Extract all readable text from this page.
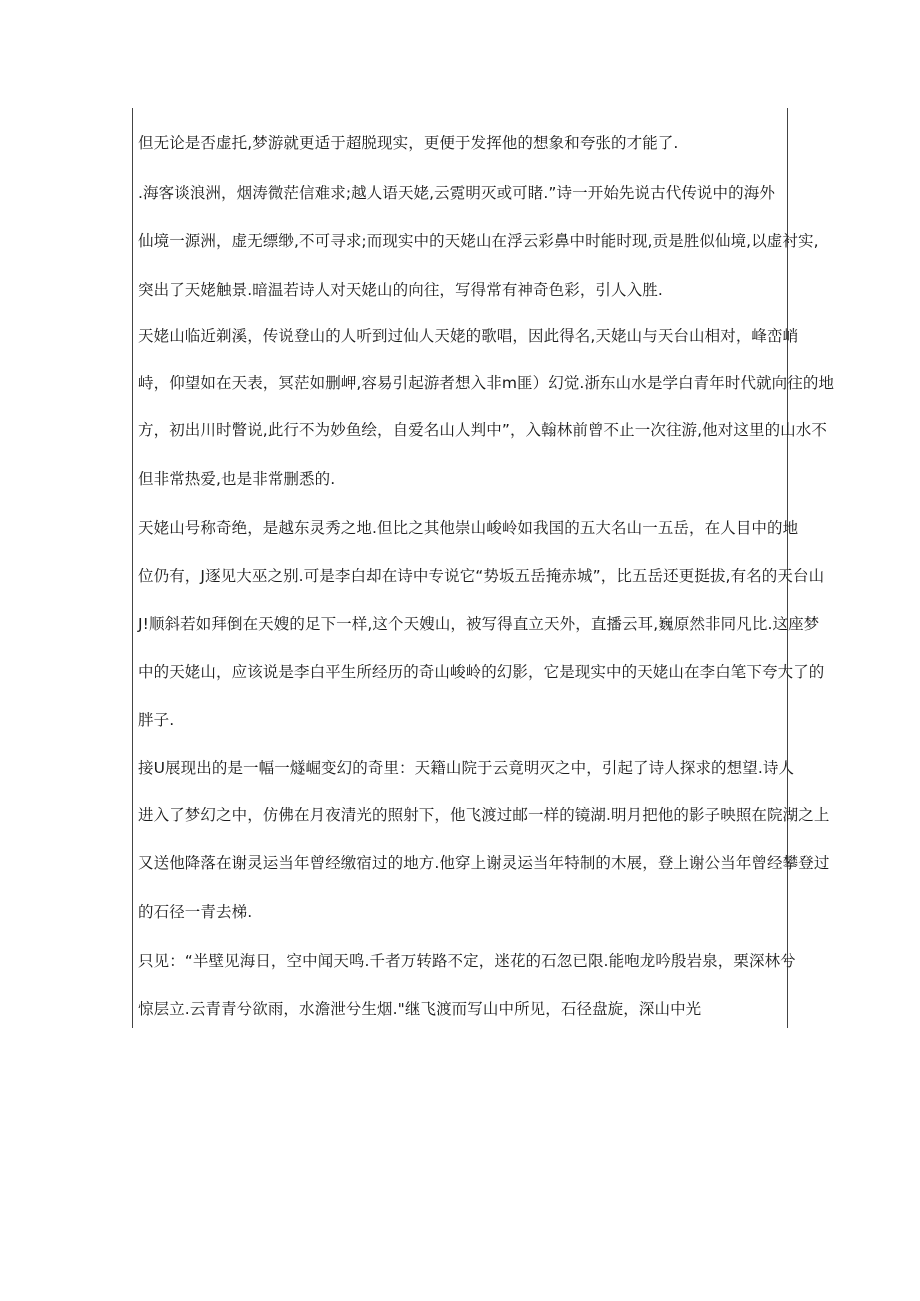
但无论是否虚托,梦游就更适于超脱现实，更便于发挥他的想象和夸张的才能了.
.海客谈浪洲，烟涛微茫信难求;越人语天姥,云霓明灭或可睹.”诗一开始先说古代传说中的海外
仙境一源洲，虚无缥缈,不可寻求;而现实中的天姥山在浮云彩鼻中时能时现,贡是胜似仙境,以虚衬实,
突出了天姥触景.暗温若诗人对天姥山的向往，写得常有神奇色彩，引人入胜.
天姥山临近剃溪，传说登山的人听到过仙人天姥的歌唱，因此得名,天姥山与天台山相对，峰峦峭
峙，仰望如在天表，冥茫如删岬,容易引起游者想入非m匪）幻觉.浙东山水是学白青年时代就向往的地
方，初出川时瞥说,此行不为妙鱼绘，自爱名山人判中”，入翰林前曾不止一次往游,他对这里的山水不
但非常热爱,也是非常删悉的.
天姥山号称奇绝，是越东灵秀之地.但比之其他崇山峻岭如我国的五大名山一五岳，在人目中的地
位仍有，J逐见大巫之别.可是李白却在诗中专说它“势坂五岳掩赤城”，比五岳还更挺拔,有名的天台山
J!顺斜若如拜倒在天嫂的足下一样,这个天嫂山，被写得直立天外，直播云耳,巍原然非同凡比.这座梦
中的天姥山，应该说是李白平生所经历的奇山峻岭的幻影，它是现实中的天姥山在李白笔下夸大了的
胖子.
接U展现出的是一幅一燧崛变幻的奇里：天籍山院于云竟明灭之中，引起了诗人探求的想望.诗人
进入了梦幻之中，仿佛在月夜清光的照射下，他飞渡过邮一样的镜湖.明月把他的影子映照在院湖之上
又送他降落在谢灵运当年曾经缴宿过的地方.他穿上谢灵运当年特制的木展，登上谢公当年曾经攀登过
的石径一青去梯.
只见：“半壁见海日，空中闻天鸣.千者万转路不定，迷花的石忽已限.能咆龙吟殷岩泉，栗深林兮
惊层立.云青青兮欲雨，水澹泄兮生烟."继飞渡而写山中所见，石径盘旋，深山中光
